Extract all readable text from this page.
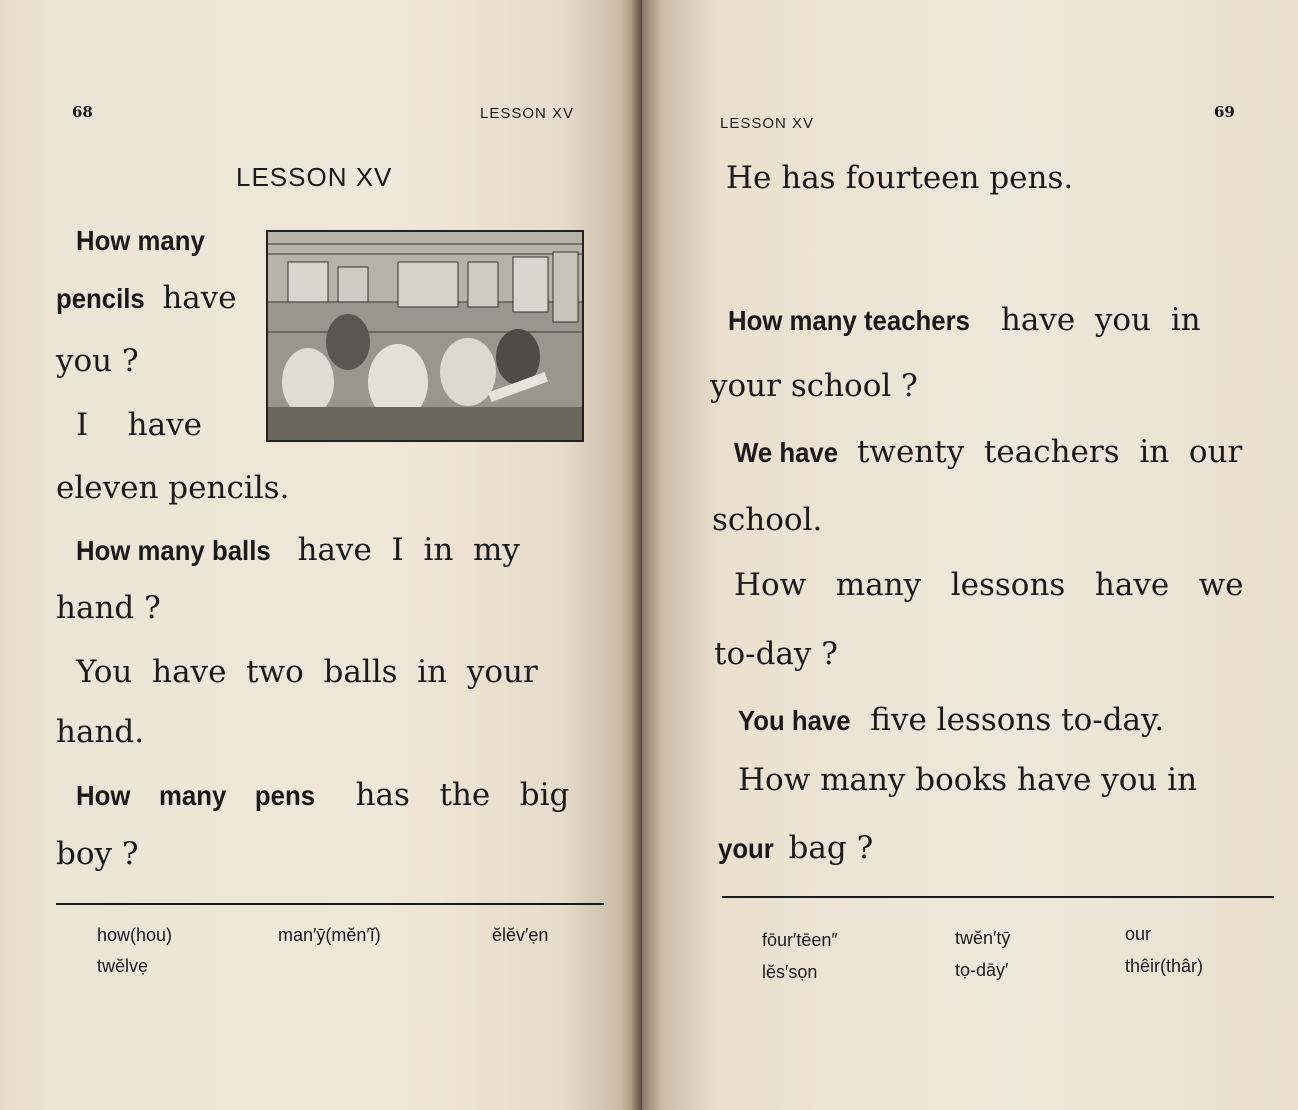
68	LESSON XV
LESSON XV
How many
pencils have
you ?
I    have
eleven pencils.
How many balls have  I  in  my
hand ?
You  have  two  balls  in  your
hand.
How    many    pens  has   the   big
boy ?
how(hou)	man′ȳ(mĕn′ĭ)	ĕlĕv′ẹn
twĕlvẹ
LESSON XV
69
He has fourteen pens.
How many teachers have  you  in
your school ?
We have twenty  teachers  in  our
school.
How   many   lessons   have   we
to-day ?
You have five lessons to-day.
How many books have you in
your bag ?
fōur′tēen″	twĕn′tȳ	our
lĕs′sọn	tọ-dāy′	thêir(thâr)
